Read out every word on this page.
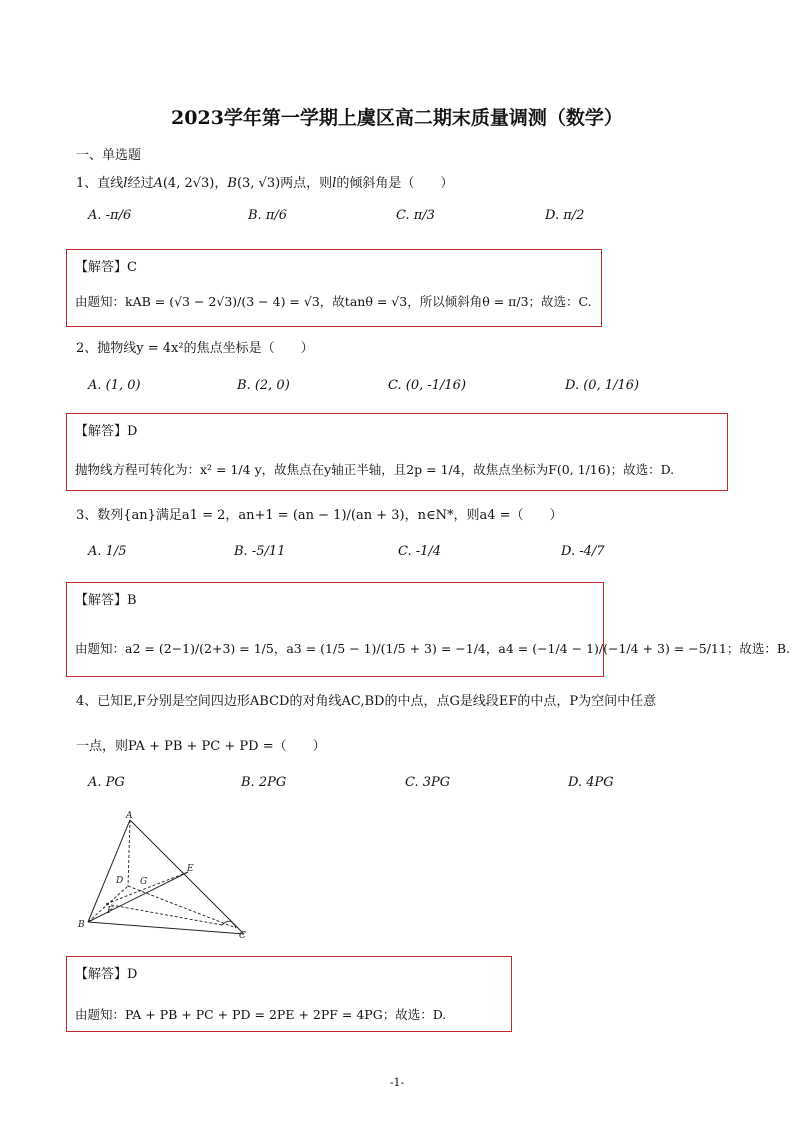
2023学年第一学期上虞区高二期末质量调测（数学）
一、单选题
1、直线l经过A(4, 2√3)，B(3, √3)两点，则l的倾斜角是（　　）
A. -π/6	B. π/6	C. π/3	D. π/2
【解答】C
由题知：kAB = (√3 − 2√3)/(3 − 4) = √3，故tanθ = √3，所以倾斜角θ = π/3；故选：C.
2、抛物线y = 4x²的焦点坐标是（　　）
A. (1, 0)	B. (2, 0)	C. (0, -1/16)	D. (0, 1/16)
【解答】D
抛物线方程可转化为：x² = 1/4 y，故焦点在y轴正半轴，且2p = 1/4，故焦点坐标为F(0, 1/16)；故选：D.
3、数列{an}满足a1 = 2，an+1 = (an − 1)/(an + 3)，n∈N*，则a4 =（　　）
A. 1/5	B. -5/11	C. -1/4	D. -4/7
【解答】B
由题知：a2 = (2−1)/(2+3) = 1/5，a3 = (1/5 − 1)/(1/5 + 3) = −1/4，a4 = (−1/4 − 1)/(−1/4 + 3) = −5/11；故选：B.
4、已知E,F分别是空间四边形ABCD的对角线AC,BD的中点，点G是线段EF的中点，P为空间中任意
一点，则PA + PB + PC + PD =（　　）
A. PG	B. 2PG	C. 3PG	D. 4PG
A
E
D G
F
B
C
【解答】D
由题知：PA + PB + PC + PD = 2PE + 2PF = 4PG；故选：D.
-1-
